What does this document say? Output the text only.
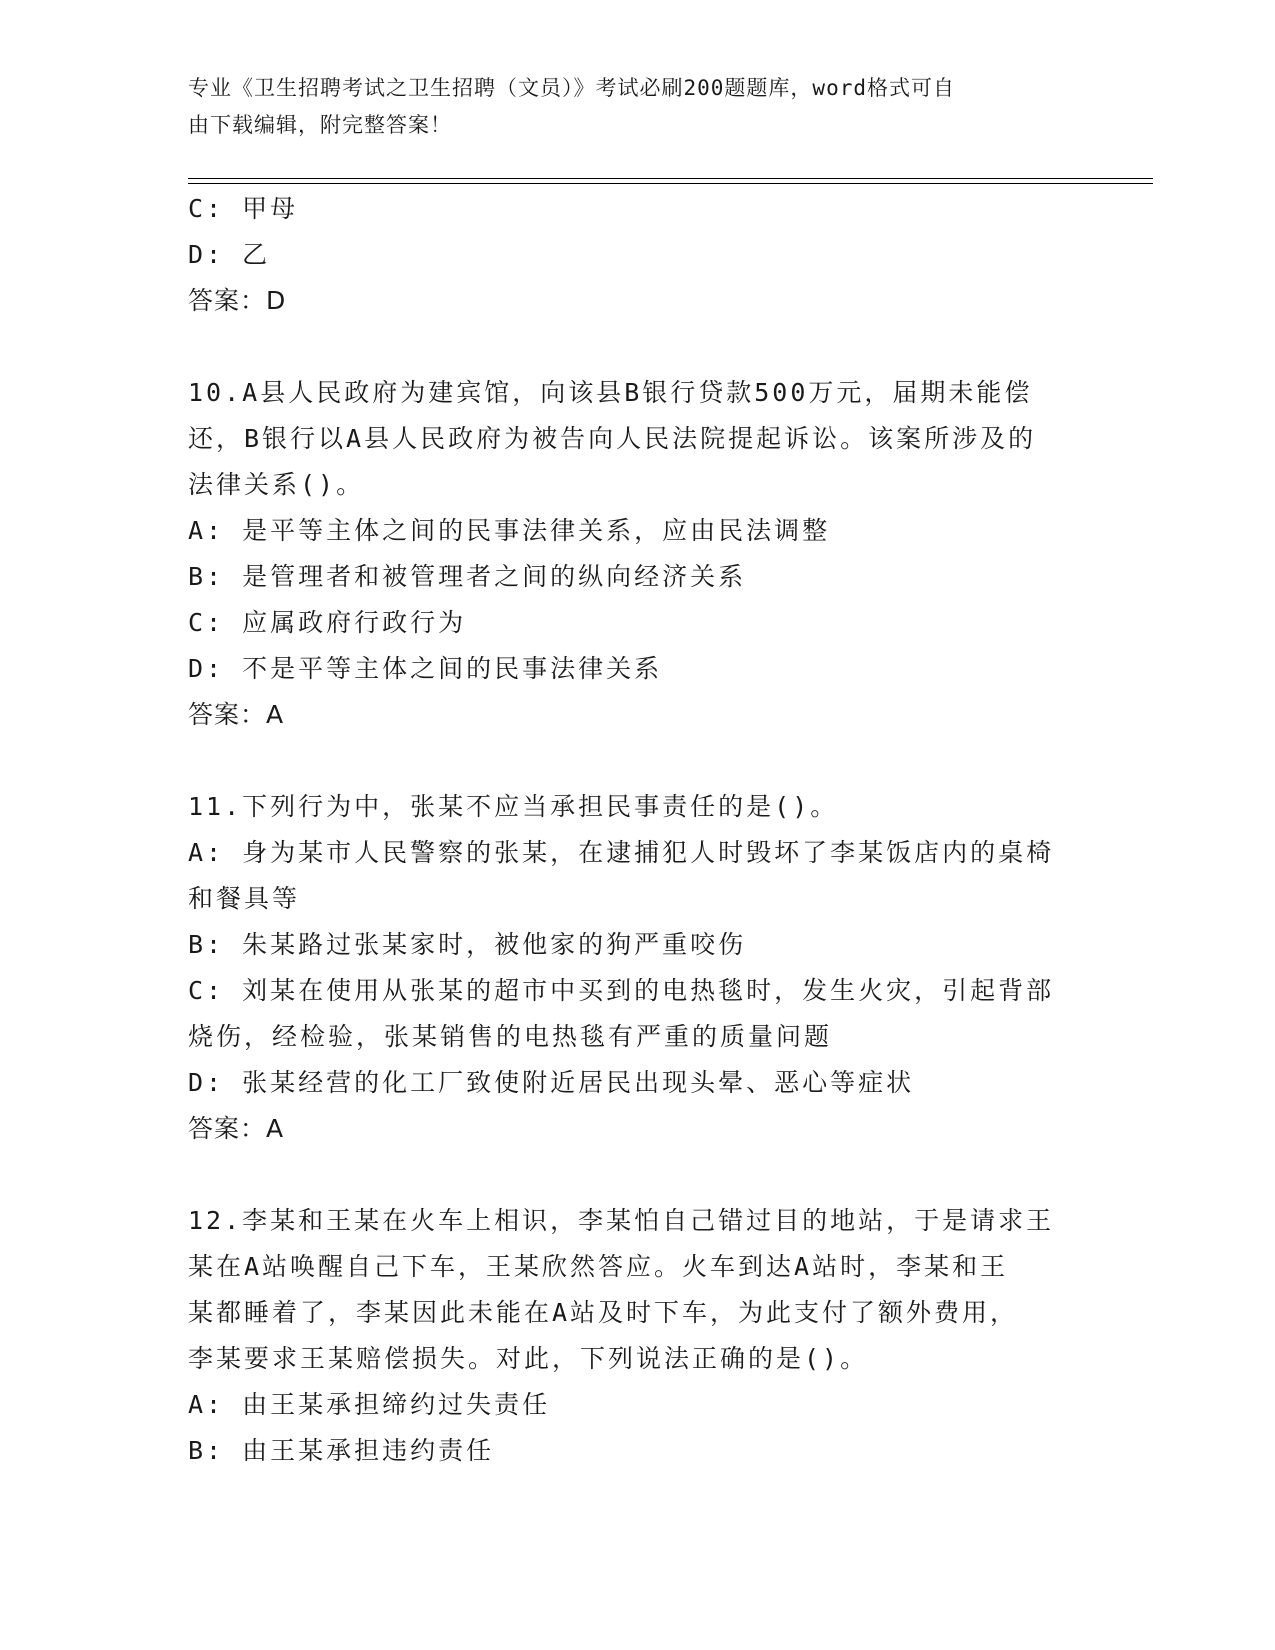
专业《卫生招聘考试之卫生招聘（文员）》考试必刷200题题库，word格式可自
由下载编辑，附完整答案！
C: 甲母
D: 乙
答案：D
10.A县人民政府为建宾馆，向该县B银行贷款500万元，届期未能偿
还，B银行以A县人民政府为被告向人民法院提起诉讼。该案所涉及的
法律关系()。
A: 是平等主体之间的民事法律关系，应由民法调整
B: 是管理者和被管理者之间的纵向经济关系
C: 应属政府行政行为
D: 不是平等主体之间的民事法律关系
答案：A
11.下列行为中，张某不应当承担民事责任的是()。
A: 身为某市人民警察的张某，在逮捕犯人时毁坏了李某饭店内的桌椅
和餐具等
B: 朱某路过张某家时，被他家的狗严重咬伤
C: 刘某在使用从张某的超市中买到的电热毯时，发生火灾，引起背部
烧伤，经检验，张某销售的电热毯有严重的质量问题
D: 张某经营的化工厂致使附近居民出现头晕、恶心等症状
答案：A
12.李某和王某在火车上相识，李某怕自己错过目的地站，于是请求王
某在A站唤醒自己下车，王某欣然答应。火车到达A站时，李某和王
某都睡着了，李某因此未能在A站及时下车，为此支付了额外费用，
李某要求王某赔偿损失。对此，下列说法正确的是()。
A: 由王某承担缔约过失责任
B: 由王某承担违约责任
